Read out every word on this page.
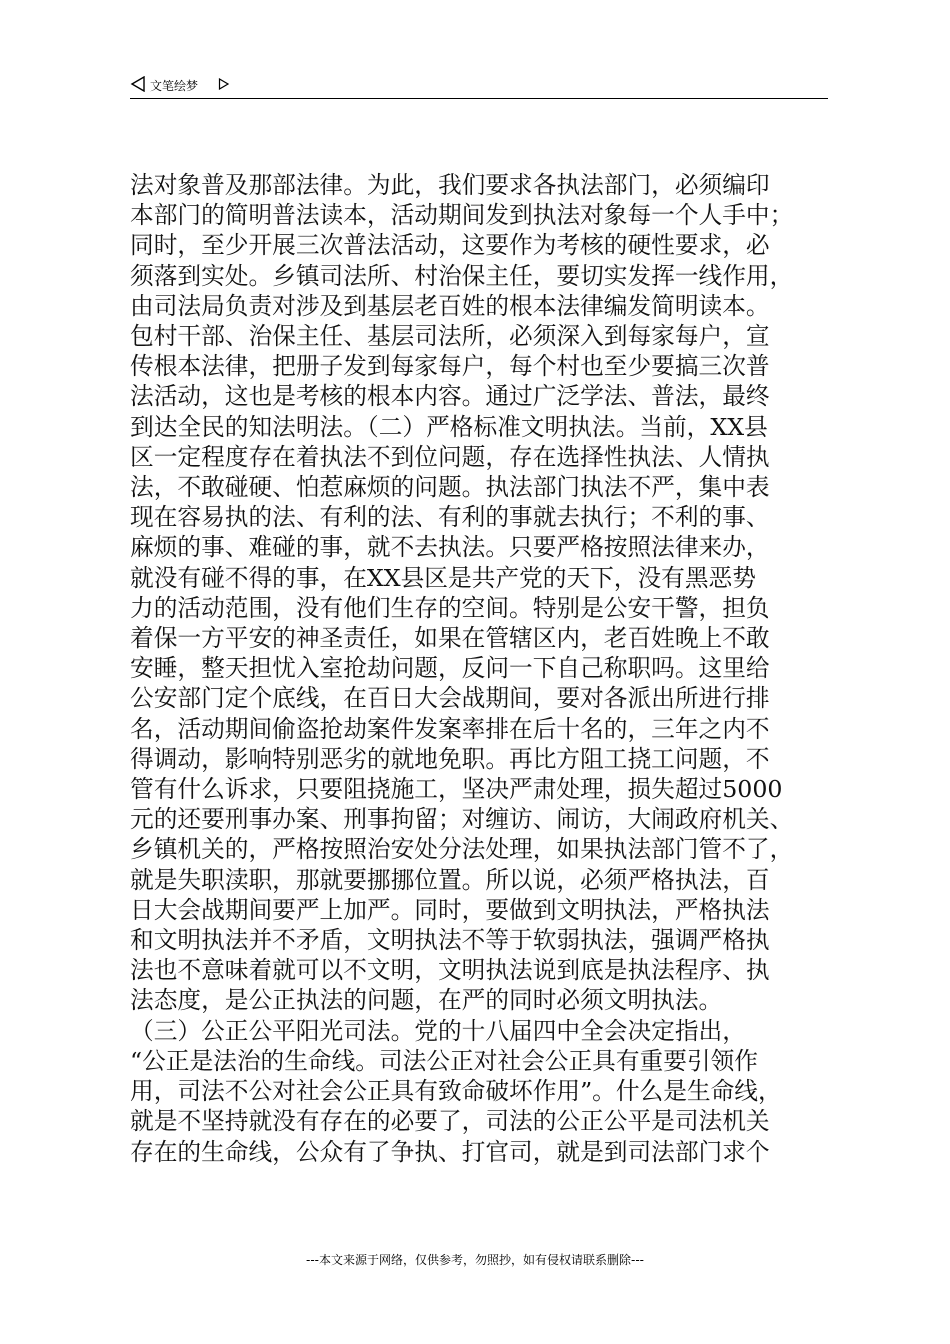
文笔绘梦
法对象普及那部法律。为此，我们要求各执法部门，必须编印
本部门的简明普法读本，活动期间发到执法对象每一个人手中；
同时，至少开展三次普法活动，这要作为考核的硬性要求，必
须落到实处。乡镇司法所、村治保主任，要切实发挥一线作用，
由司法局负责对涉及到基层老百姓的根本法律编发简明读本。
包村干部、治保主任、基层司法所，必须深入到每家每户，宣
传根本法律，把册子发到每家每户，每个村也至少要搞三次普
法活动，这也是考核的根本内容。通过广泛学法、普法，最终
到达全民的知法明法。（二）严格标准文明执法。当前，XX县
区一定程度存在着执法不到位问题，存在选择性执法、人情执
法，不敢碰硬、怕惹麻烦的问题。执法部门执法不严，集中表
现在容易执的法、有利的法、有利的事就去执行；不利的事、
麻烦的事、难碰的事，就不去执法。只要严格按照法律来办，
就没有碰不得的事，在XX县区是共产党的天下，没有黑恶势
力的活动范围，没有他们生存的空间。特别是公安干警，担负
着保一方平安的神圣责任，如果在管辖区内，老百姓晚上不敢
安睡，整天担忧入室抢劫问题，反问一下自己称职吗。这里给
公安部门定个底线，在百日大会战期间，要对各派出所进行排
名，活动期间偷盗抢劫案件发案率排在后十名的，三年之内不
得调动，影响特别恶劣的就地免职。再比方阻工挠工问题，不
管有什么诉求，只要阻挠施工，坚决严肃处理，损失超过5000
元的还要刑事办案、刑事拘留；对缠访、闹访，大闹政府机关、
乡镇机关的，严格按照治安处分法处理，如果执法部门管不了，
就是失职渎职，那就要挪挪位置。所以说，必须严格执法，百
日大会战期间要严上加严。同时，要做到文明执法，严格执法
和文明执法并不矛盾，文明执法不等于软弱执法，强调严格执
法也不意味着就可以不文明，文明执法说到底是执法程序、执
法态度，是公正执法的问题，在严的同时必须文明执法。
（三）公正公平阳光司法。党的十八届四中全会决定指出，
“公正是法治的生命线。司法公正对社会公正具有重要引领作
用，司法不公对社会公正具有致命破坏作用”。什么是生命线，
就是不坚持就没有存在的必要了，司法的公正公平是司法机关
存在的生命线，公众有了争执、打官司，就是到司法部门求个
---本文来源于网络，仅供参考，勿照抄，如有侵权请联系删除---
